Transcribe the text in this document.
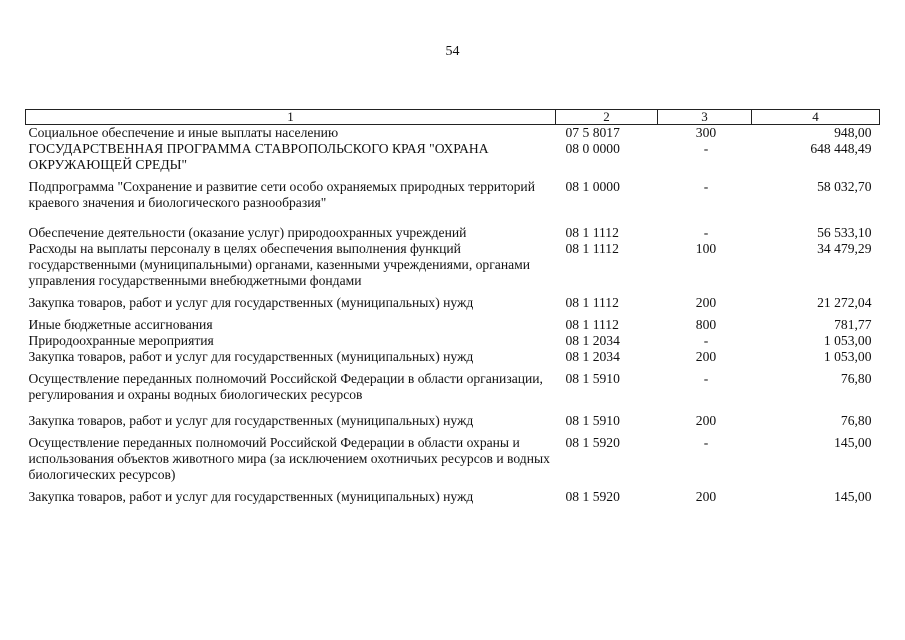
54
1	2	3	4
Социальное обеспечение и иные выплаты населению	07 5 8017	300	948,00
ГОСУДАРСТВЕННАЯ ПРОГРАММА СТАВРОПОЛЬСКОГО КРАЯ "ОХРАНА ОКРУЖАЮЩЕЙ СРЕДЫ"	08 0 0000	-	648 448,49
Подпрограмма "Сохранение и развитие сети особо охраняемых природных территорий краевого значения и биологического разнообразия"	08 1 0000	-	58 032,70
Обеспечение деятельности (оказание услуг) природоохранных учреждений	08 1 1112	-	56 533,10
Расходы на выплаты персоналу в целях обеспечения выполнения функций государственными (муниципальными) органами, казенными учреждениями, органами управления государственными внебюджетными фондами	08 1 1112	100	34 479,29
Закупка товаров, работ и услуг для государственных (муниципальных) нужд	08 1 1112	200	21 272,04
Иные бюджетные ассигнования	08 1 1112	800	781,77
Природоохранные мероприятия	08 1 2034	-	1 053,00
Закупка товаров, работ и услуг для государственных (муниципальных) нужд	08 1 2034	200	1 053,00
Осуществление переданных полномочий Российской Федерации в области организации, регулирования и охраны водных биологических ресурсов	08 1 5910	-	76,80
Закупка товаров, работ и услуг для государственных (муниципальных) нужд	08 1 5910	200	76,80
Осуществление переданных полномочий Российской Федерации в области охраны и использования объектов животного мира (за исключением охотничьих ресурсов и водных биологических ресурсов)	08 1 5920	-	145,00
Закупка товаров, работ и услуг для государственных (муниципальных) нужд	08 1 5920	200	145,00
